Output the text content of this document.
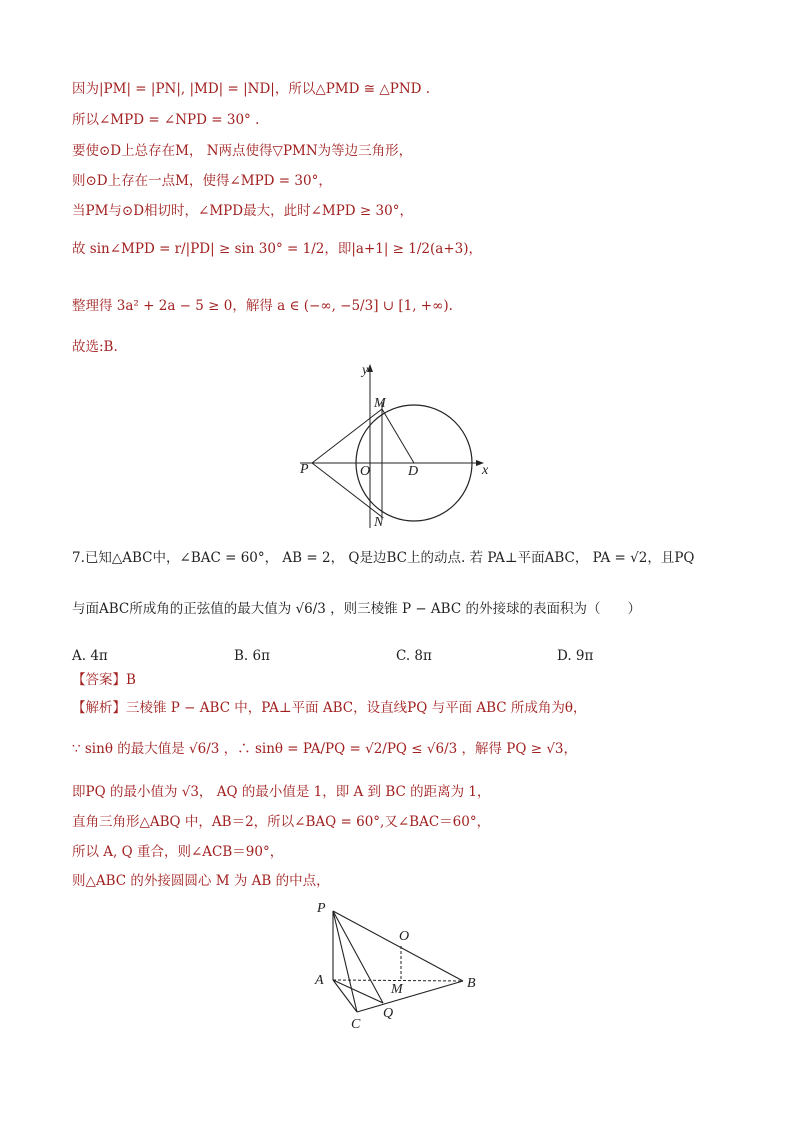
因为|PM| = |PN|, |MD| = |ND|，所以△PMD ≅ △PND .
所以∠MPD = ∠NPD = 30° .
要使⊙D上总存在M， N两点使得▽PMN为等边三角形，
则⊙D上存在一点M，使得∠MPD = 30°，
当PM与⊙D相切时，∠MPD最大，此时∠MPD ≥ 30°，
故 sin∠MPD = r/|PD| ≥ sin 30° = 1/2，即|a+1| ≥ 1/2(a+3)，
整理得 3a² + 2a − 5 ≥ 0，解得 a ∈ (−∞, −5/3] ∪ [1, +∞).
故选:B.
y
M
P	O	D	x
N
7.已知△ABC中，∠BAC = 60°， AB = 2， Q是边BC上的动点. 若 PA⊥平面ABC， PA = √2，且PQ
与面ABC所成角的正弦值的最大值为 √6/3 ，则三棱锥 P − ABC 的外接球的表面积为（　　）
A. 4π	B. 6π	C. 8π	D. 9π
【答案】B
【解析】三棱锥 P − ABC 中，PA⊥平面 ABC，设直线PQ 与平面 ABC 所成角为θ，
∵ sinθ 的最大值是 √6/3 ，∴ sinθ = PA/PQ = √2/PQ ≤ √6/3 ，解得 PQ ≥ √3，
即PQ 的最小值为 √3， AQ 的最小值是 1，即 A 到 BC 的距离为 1，
直角三角形△ABQ 中，AB＝2，所以∠BAQ = 60°,又∠BAC＝60°，
所以 A, Q 重合，则∠ACB＝90°，
则△ABC 的外接圆圆心 M 为 AB 的中点，
P
O
A
M	B
Q
C
